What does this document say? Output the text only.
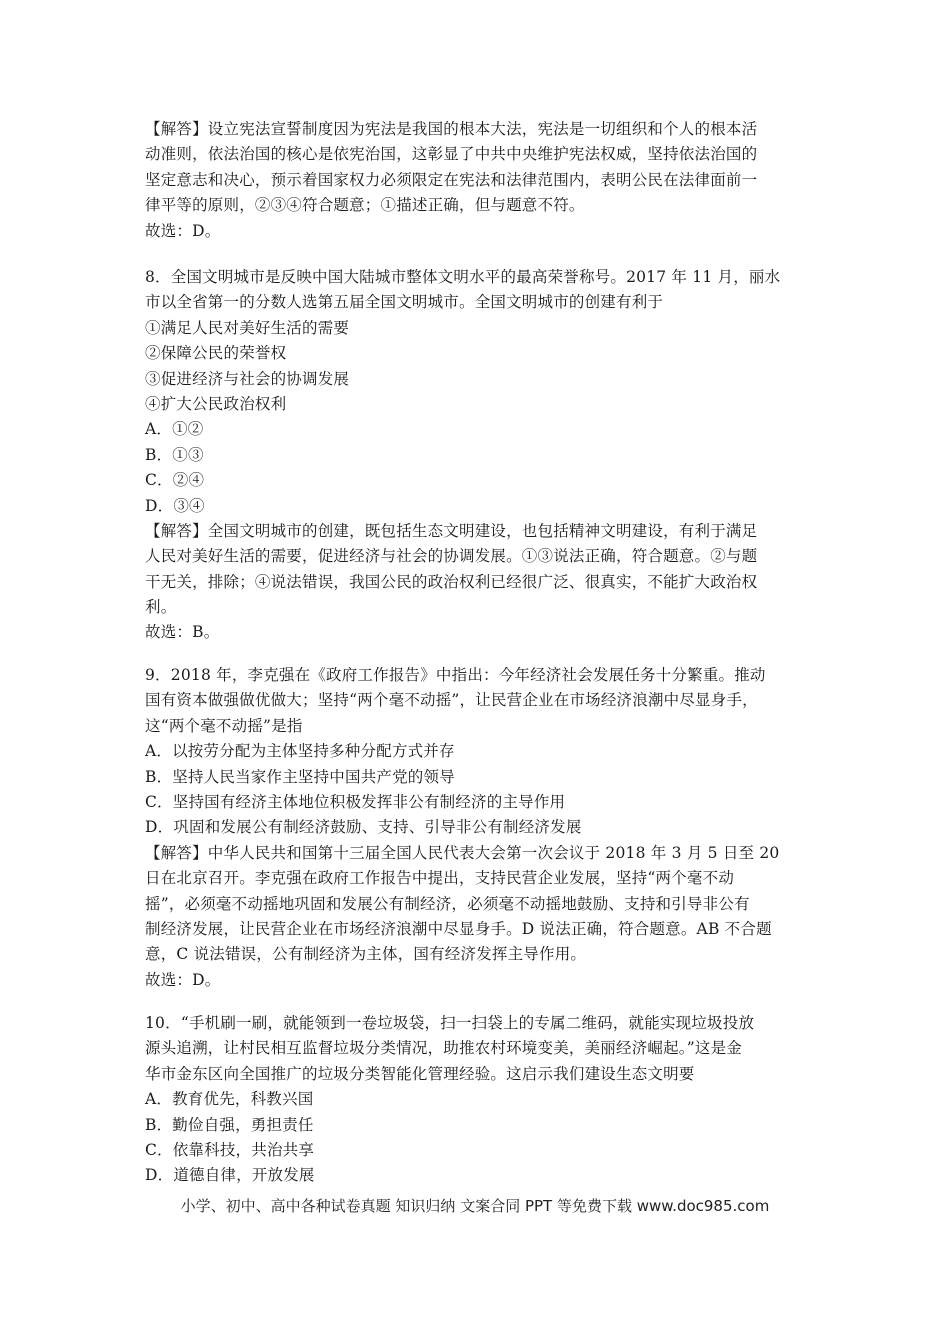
【解答】设立宪法宣誓制度因为宪法是我国的根本大法，宪法是一切组织和个人的根本活
动准则，依法治国的核心是依宪治国，这彰显了中共中央维护宪法权威，坚持依法治国的
坚定意志和决心，预示着国家权力必须限定在宪法和法律范围内，表明公民在法律面前一
律平等的原则，②③④符合题意；①描述正确，但与题意不符。
故选：D。
8．全国文明城市是反映中国大陆城市整体文明水平的最高荣誉称号。2017 年 11 月，丽水
市以全省第一的分数人选第五届全国文明城市。全国文明城市的创建有利于
①满足人民对美好生活的需要
②保障公民的荣誉权
③促进经济与社会的协调发展
④扩大公民政治权利
A．①②
B．①③
C．②④
D．③④
【解答】全国文明城市的创建，既包括生态文明建设，也包括精神文明建设，有利于满足
人民对美好生活的需要，促进经济与社会的协调发展。①③说法正确，符合题意。②与题
干无关，排除；④说法错误，我国公民的政治权利已经很广泛、很真实，不能扩大政治权
利。
故选：B。
9．2018 年，李克强在《政府工作报告》中指出：今年经济社会发展任务十分繁重。推动
国有资本做强做优做大；坚持“两个毫不动摇”，让民营企业在市场经济浪潮中尽显身手，
这“两个毫不动摇”是指
A．以按劳分配为主体坚持多种分配方式并存
B．坚持人民当家作主坚持中国共产党的领导
C．坚持国有经济主体地位积极发挥非公有制经济的主导作用
D．巩固和发展公有制经济鼓励、支持、引导非公有制经济发展
【解答】中华人民共和国第十三届全国人民代表大会第一次会议于 2018 年 3 月 5 日至 20
日在北京召开。李克强在政府工作报告中提出，支持民营企业发展，坚持“两个毫不动
摇”，必须毫不动摇地巩固和发展公有制经济，必须毫不动摇地鼓励、支持和引导非公有
制经济发展，让民营企业在市场经济浪潮中尽显身手。D 说法正确，符合题意。AB 不合题
意，C 说法错误，公有制经济为主体，国有经济发挥主导作用。
故选：D。
10．“手机刷一刷，就能领到一卷垃圾袋，扫一扫袋上的专属二维码，就能实现垃圾投放
源头追溯，让村民相互监督垃圾分类情况，助推农村环境变美，美丽经济崛起。”这是金
华市金东区向全国推广的垃圾分类智能化管理经验。这启示我们建设生态文明要
A．教育优先，科教兴国
B．勤俭自强，勇担责任
C．依靠科技，共治共享
D．道德自律，开放发展
小学、初中、高中各种试卷真题 知识归纳 文案合同 PPT 等免费下载 www.doc985.com
